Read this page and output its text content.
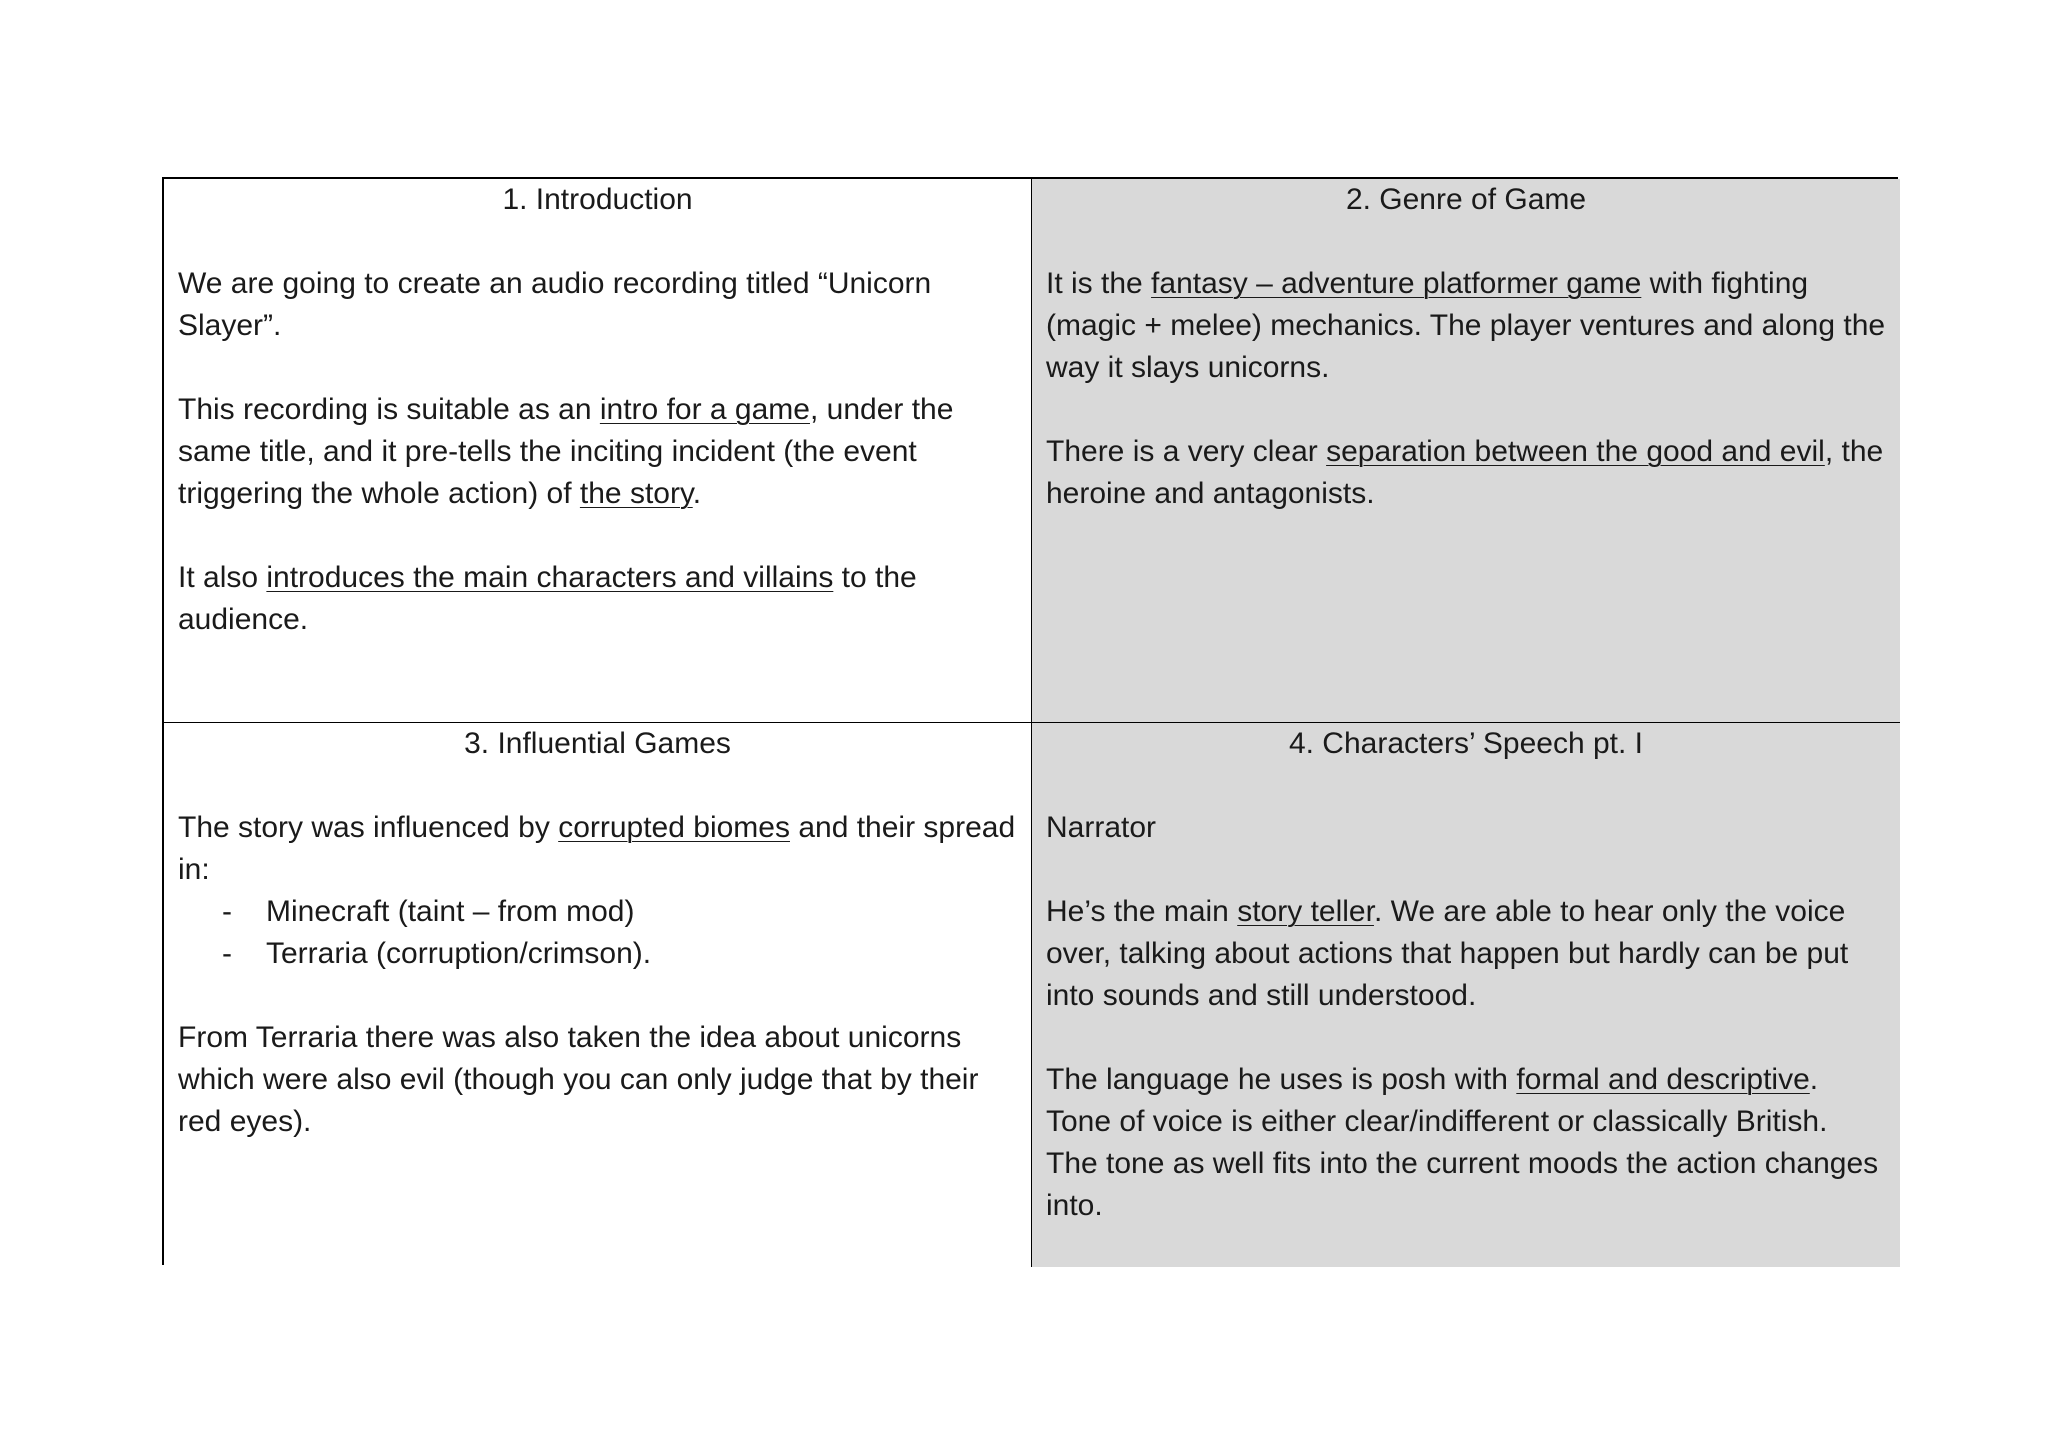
1. Introduction

We are going to create an audio recording titled “Unicorn Slayer”.

This recording is suitable as an intro for a game, under the same title, and it pre-tells the inciting incident (the event triggering the whole action) of the story.

It also introduces the main characters and villains to the audience.

2. Genre of Game

It is the fantasy – adventure platformer game with fighting (magic + melee) mechanics. The player ventures and along the way it slays unicorns.

There is a very clear separation between the good and evil, the heroine and antagonists.

3. Influential Games

The story was influenced by corrupted biomes and their spread in:

- Minecraft (taint – from mod)
- Terraria (corruption/crimson).

From Terraria there was also taken the idea about unicorns which were also evil (though you can only judge that by their red eyes).

4. Characters’ Speech pt. I

Narrator

He’s the main story teller. We are able to hear only the voice over, talking about actions that happen but hardly can be put into sounds and still understood.

The language he uses is posh with formal and descriptive. Tone of voice is either clear/indifferent or classically British. The tone as well fits into the current moods the action changes into.
